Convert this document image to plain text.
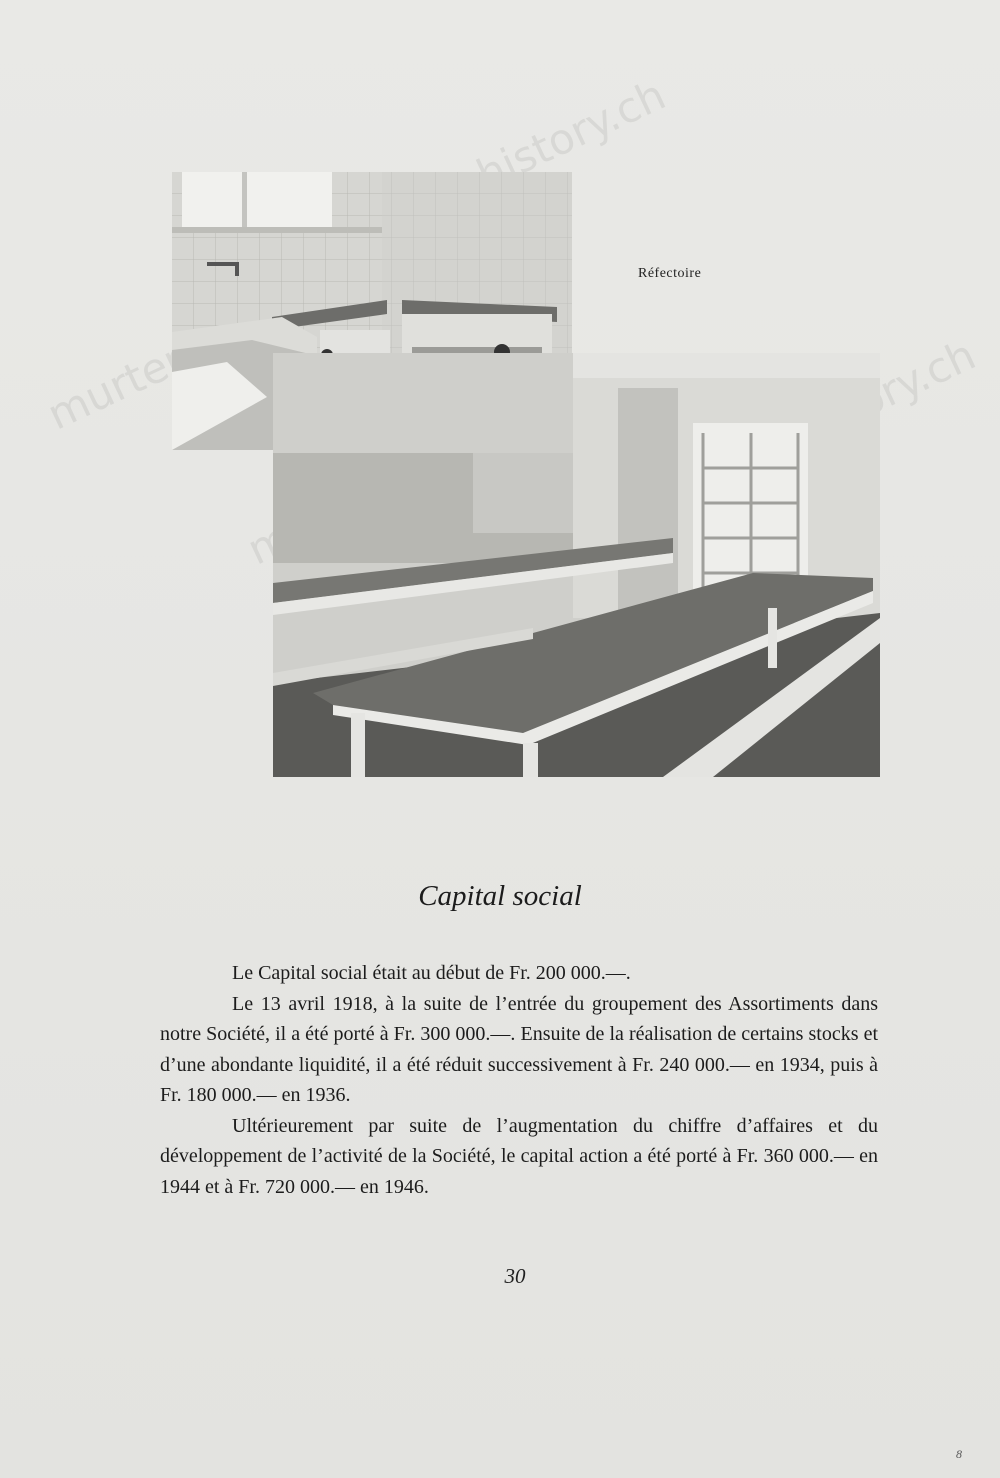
murtenhistory.ch
Réfectoire
Capital social

Le Capital social était au début de Fr. 200 000.—.

Le 13 avril 1918, à la suite de l’entrée du groupement des Assortiments dans notre Société, il a été porté à Fr. 300 000.—. Ensuite de la réalisation de certains stocks et d’une abondante liquidité, il a été réduit successivement à Fr. 240 000.— en 1934, puis à Fr. 180 000.— en 1936.

Ultérieurement par suite de l’augmentation du chiffre d’affaires et du développement de l’activité de la Société, le capital action a été porté à Fr. 360 000.— en 1944 et à Fr. 720 000.— en 1946.

30
8
